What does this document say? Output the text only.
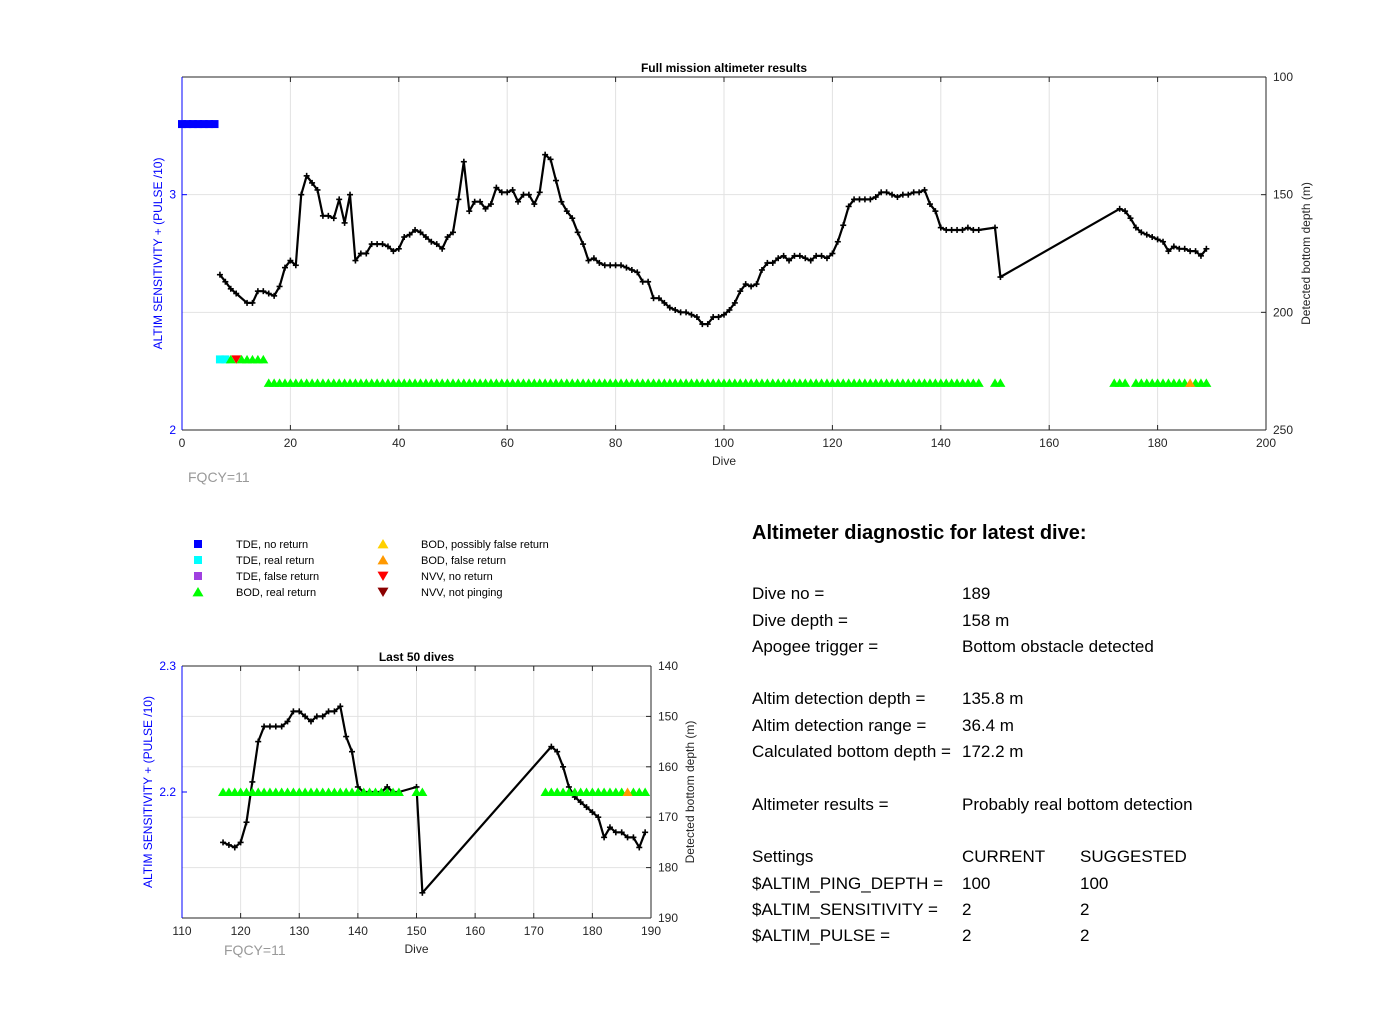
0	20	40	60	80	100	120	140	160	180	200
100
150
200
250
2
3
Full mission altimeter results
Dive
ALTIM SENSITIVITY + (PULSE /10)	Detected bottom depth (m)
FQCY=11
110	120	130	140	150	160	170	180	190
140
150
160
170
180
190
2.2
2.3
Last 50 dives
Dive
ALTIM SENSITIVITY + (PULSE /10)	Detected bottom depth (m)
FQCY=11
TDE, no return
TDE, real return
TDE, false return
BOD, real return
BOD, possibly false return
BOD, false return
NVV, no return
NVV, not pinging
Altimeter diagnostic for latest dive:
Dive no =	189
Dive depth =	158 m
Apogee trigger =	Bottom obstacle detected
Altim detection depth = 135.8 m
Altim detection range = 36.4 m
Calculated bottom depth = 172.2 m
Altimeter results =	Probably real bottom detection
Settings	CURRENT SUGGESTED
$ALTIM_PING_DEPTH = 100	100
$ALTIM_SENSITIVITY = 2	2
$ALTIM_PULSE =	2	2
